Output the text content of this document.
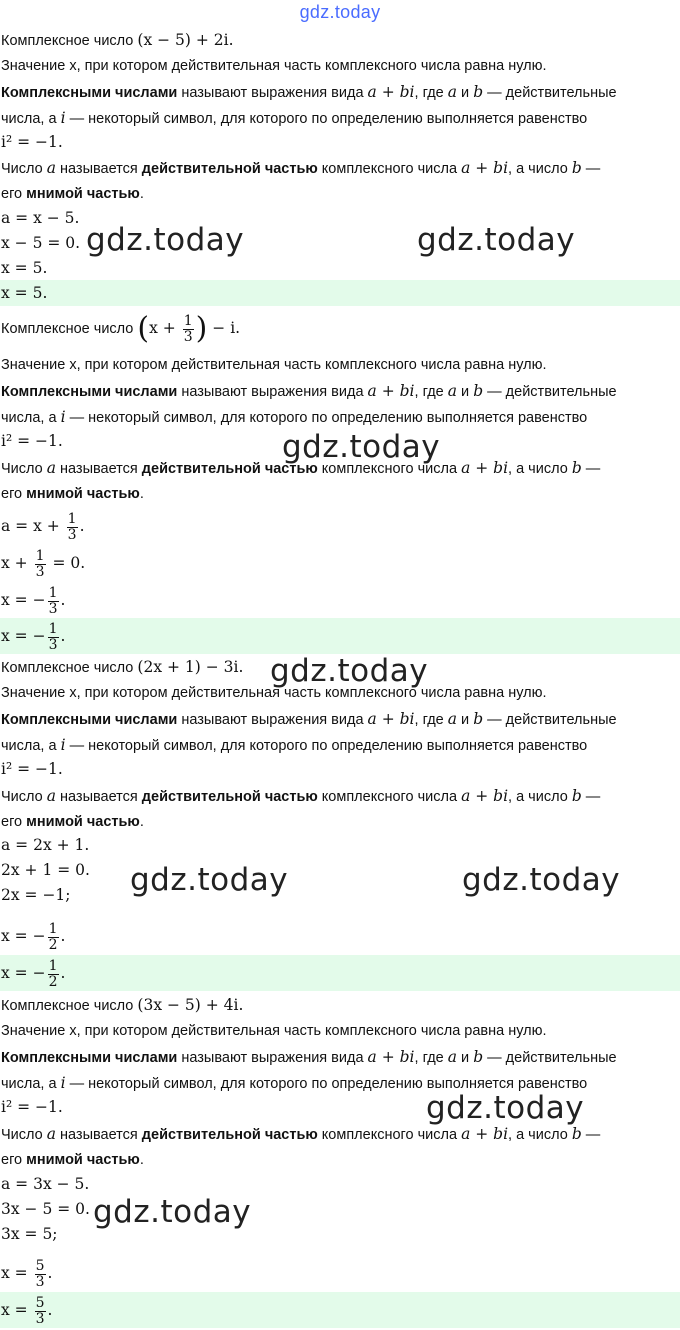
gdz.today
Комплексное число (x − 5) + 2i.
Значение x, при котором действительная часть комплексного числа равна нулю.
Комплексными числами называют выражения вида a + bi, где a и b — действительные
числа, а i — некоторый символ, для которого по определению выполняется равенство
i² = −1.
Число a называется действительной частью комплексного числа a + bi, а число b —
его мнимой частью.
a = x − 5.
x − 5 = 0.
x = 5.
x = 5.
Комплексное число ($x + \frac{1}{3}$ ) − i.
Значение x, при котором действительная часть комплексного числа равна нулю.
Комплексными числами называют выражения вида a + bi, где a и b — действительные
числа, а i — некоторый символ, для которого по определению выполняется равенство
i² = −1.
Число a называется действительной частью комплексного числа a + bi, а число b —
его мнимой частью.
$a = x + \frac{1}{3}$ .
$x + \frac{1}{3} = 0$.
x = − $\frac{1}{3}$ .
x = − $\frac{1}{3}$ .
Комплексное число (2x + 1) − 3i.
Значение x, при котором действительная часть комплексного числа равна нулю.
Комплексными числами называют выражения вида a + bi, где a и b — действительные
числа, а i — некоторый символ, для которого по определению выполняется равенство
i² = −1.
Число a называется действительной частью комплексного числа a + bi, а число b —
его мнимой частью.
a = 2x + 1.
2x + 1 = 0.
2x = −1;
x = − $\frac{1}{2}$ .
x = − $\frac{1}{2}$ .
Комплексное число (3x − 5) + 4i.
Значение x, при котором действительная часть комплексного числа равна нулю.
Комплексными числами называют выражения вида a + bi, где a и b — действительные
числа, а i — некоторый символ, для которого по определению выполняется равенство
i² = −1.
Число a называется действительной частью комплексного числа a + bi, а число b —
его мнимой частью.
a = 3x − 5.
3x − 5 = 0.
3x = 5;
$x = \frac{5}{3}$ .
$x = \frac{5}{3}$ .
gdz.today	gdz.today
gdz.today
gdz.today
gdz.today	gdz.today
gdz.today
gdz.today
